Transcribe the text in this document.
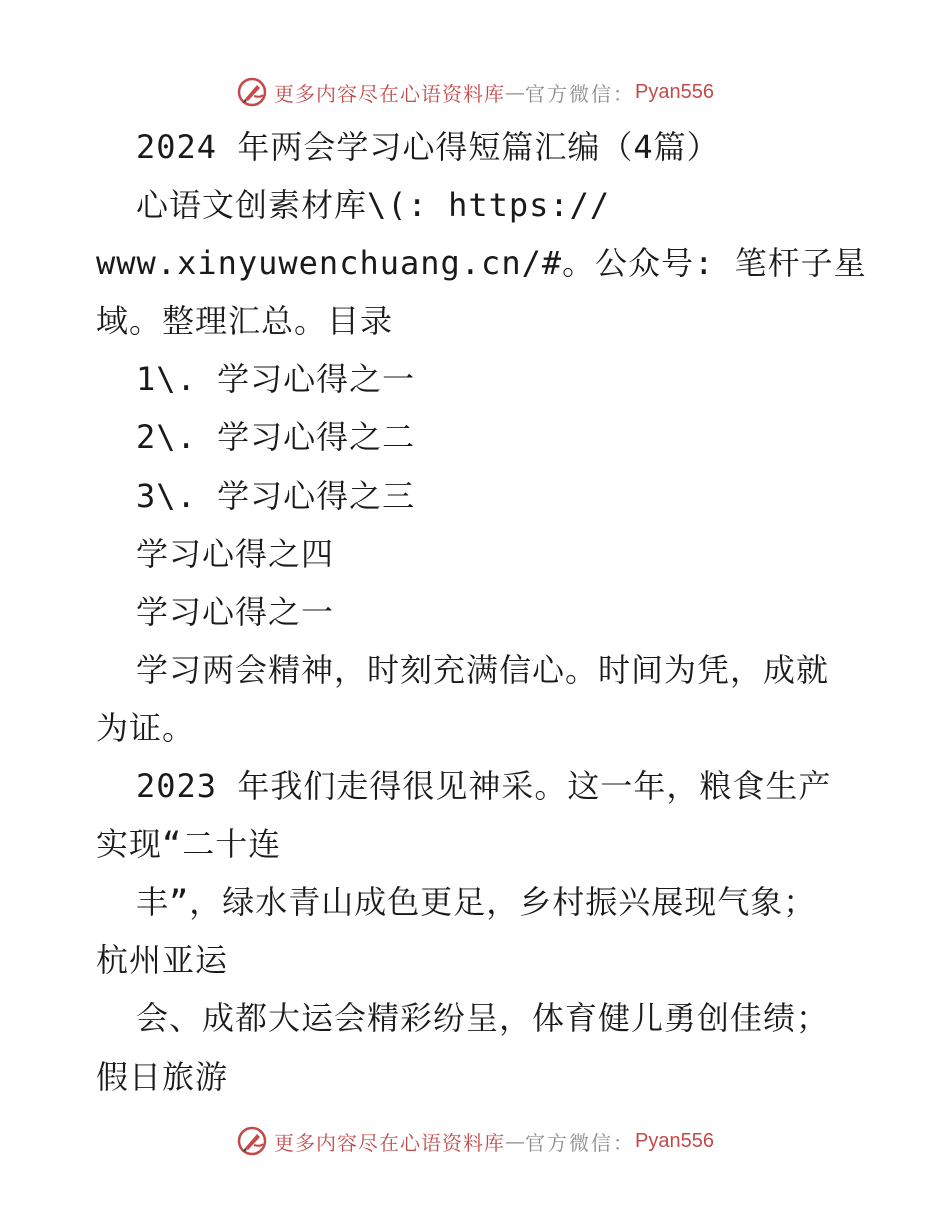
更多内容尽在心语资料库 — 官方微信： Pyan556
2024 年两会学习心得短篇汇编（4篇）
心语文创素材库\(: https://
www.xinyuwenchuang.cn/#。公众号: 笔杆子星
域。整理汇总。目录
1\. 学习心得之一
2\. 学习心得之二
3\. 学习心得之三
学习心得之四
学习心得之一
学习两会精神，时刻充满信心。时间为凭，成就
为证。
2023 年我们走得很见神采。这一年，粮食生产
实现“二十连
丰”，绿水青山成色更足，乡村振兴展现气象；
杭州亚运
会、成都大运会精彩纷呈，体育健儿勇创佳绩；
假日旅游
更多内容尽在心语资料库 — 官方微信： Pyan556
